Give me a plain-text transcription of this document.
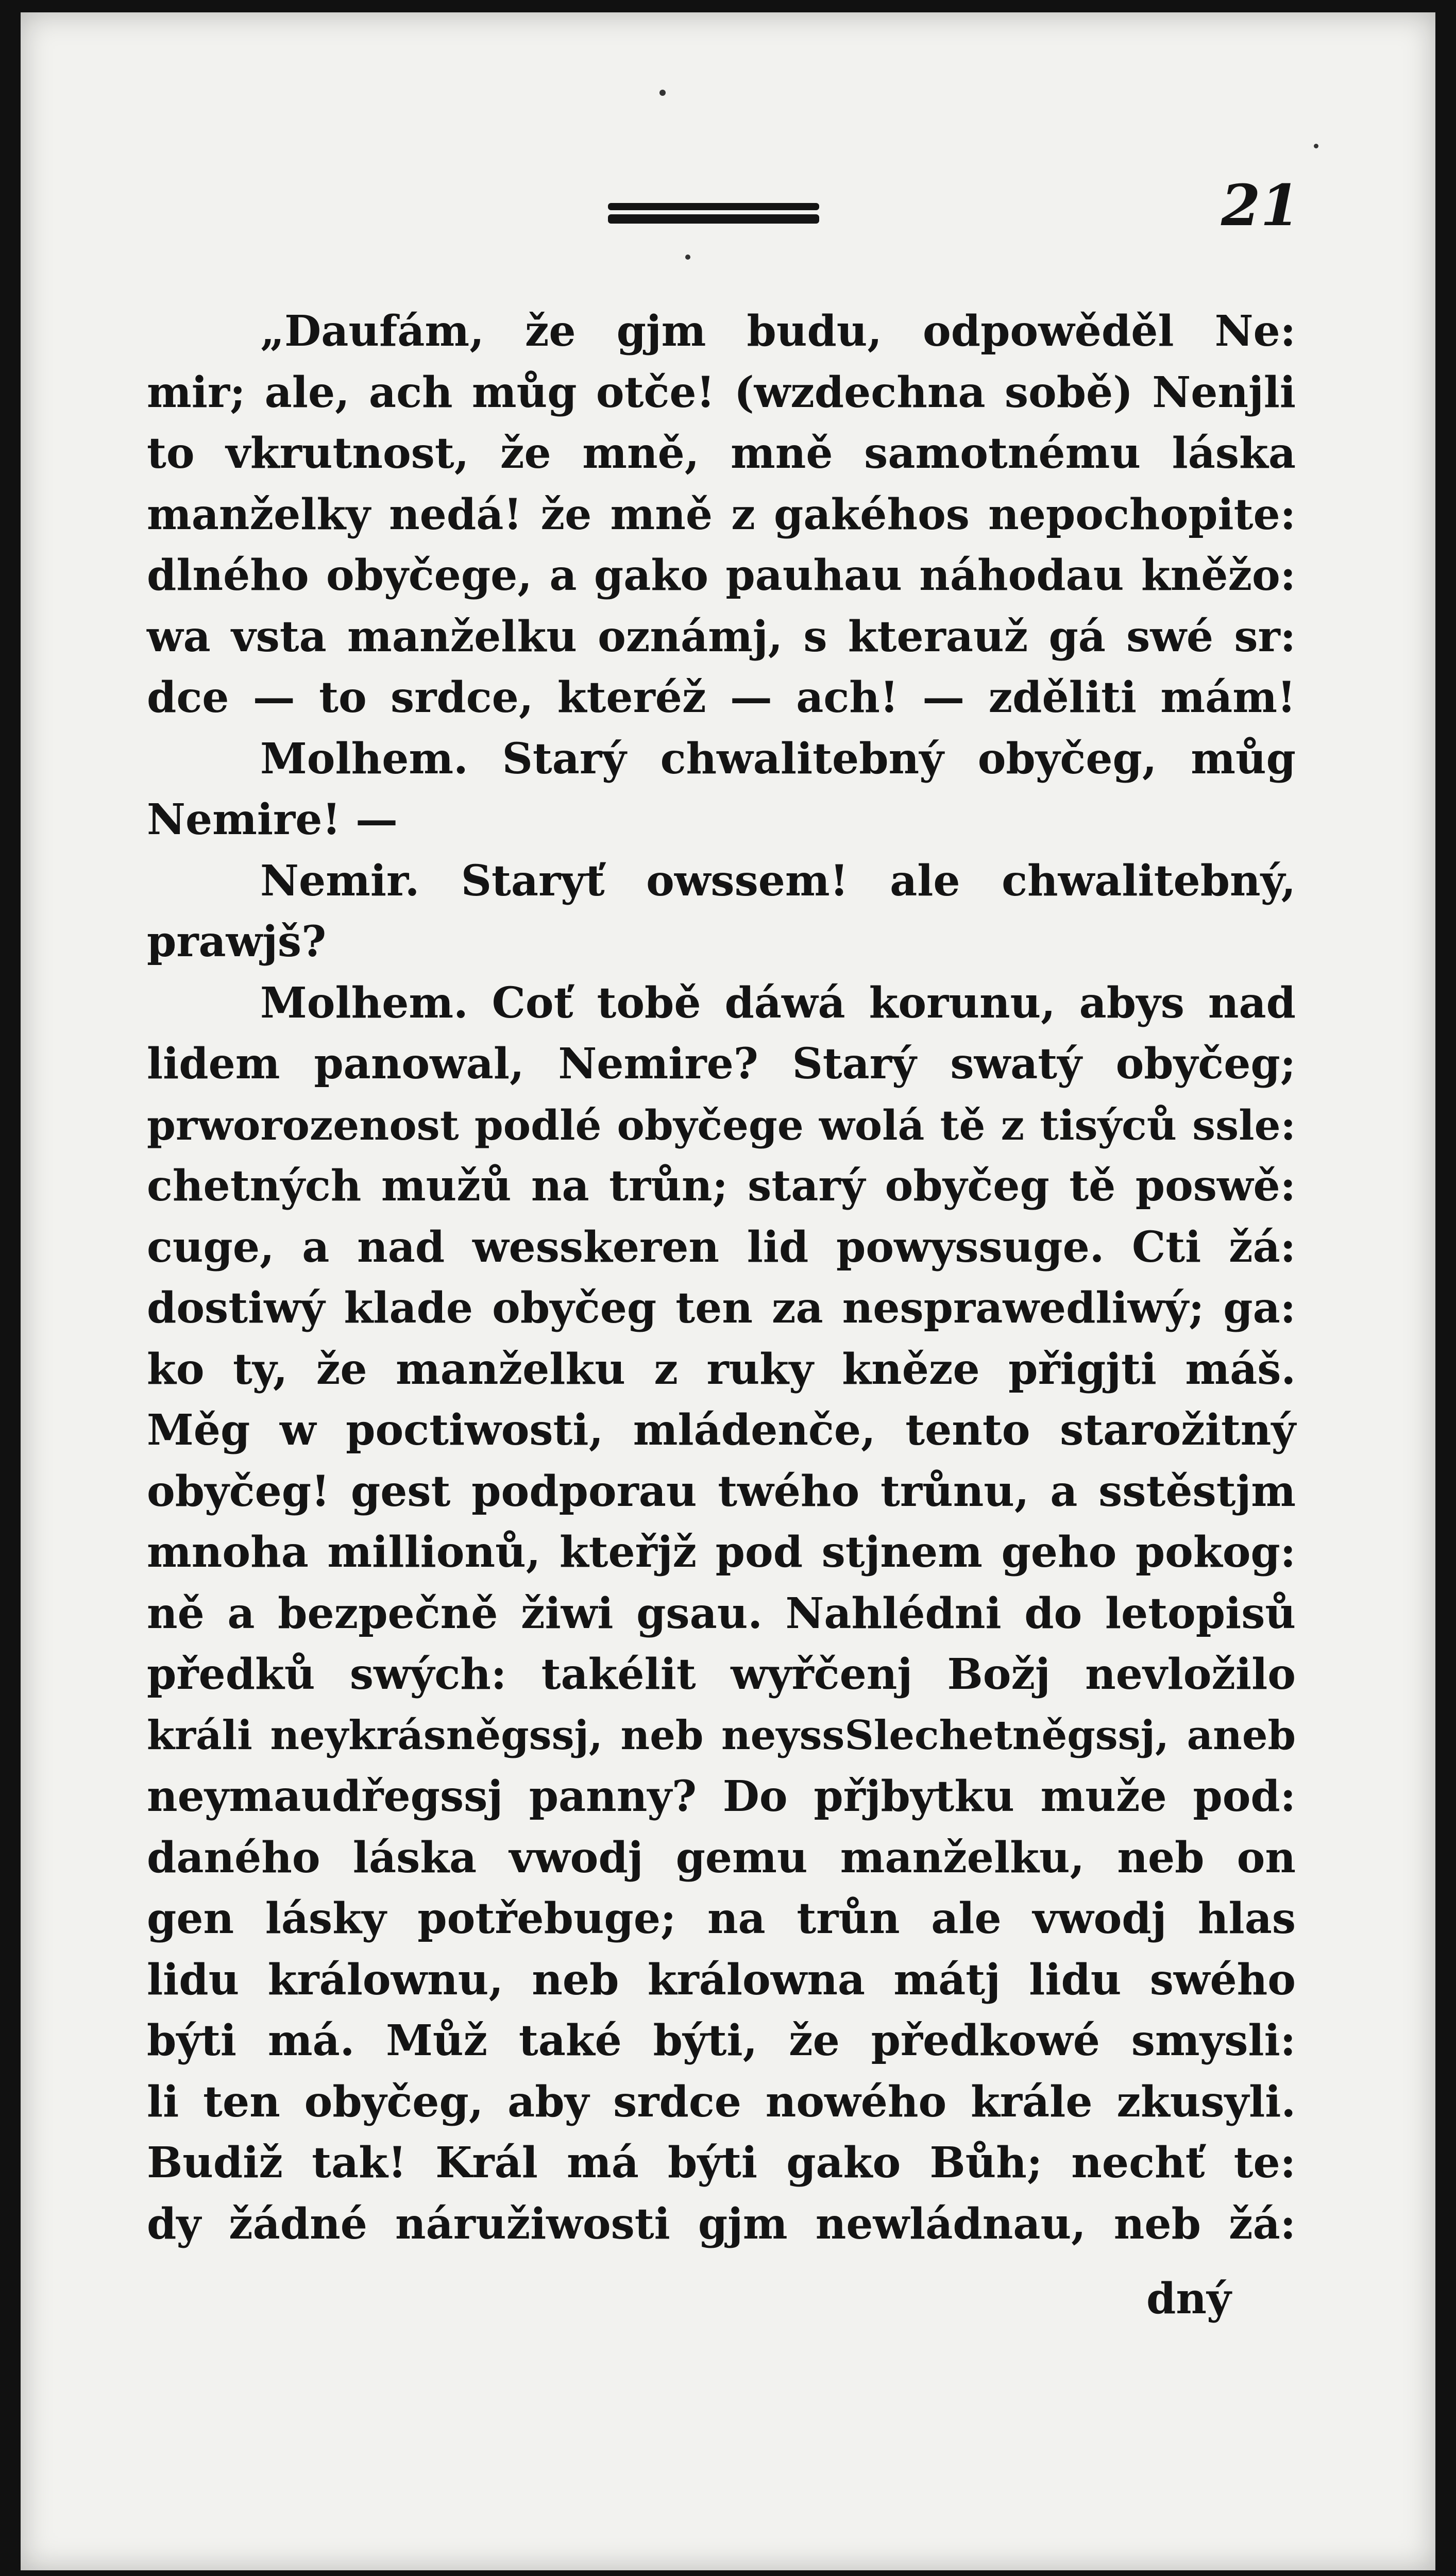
21
„Daufám, že gjm budu, odpowěděl Ne:
mir; ale, ach můg otče! (wzdechna sobě) Nenjli
to vkrutnost, že mně, mně samotnému láska
manželky nedá! že mně z gakéhos nepochopite:
dlného obyčege, a gako pauhau náhodau kněžo:
wa vsta manželku oznámj, s kterauž gá swé sr:
dce — to srdce, kteréž — ach! — zděliti mám!
Molhem. Starý chwalitebný obyčeg, můg
Nemire! —
Nemir. Staryť owssem! ale chwalitebný,
prawjš?
Molhem. Coť tobě dáwá korunu, abys nad
lidem panowal, Nemire? Starý swatý obyčeg;
prworozenost podlé obyčege wolá tě z tisýců ssle:
chetných mužů na trůn; starý obyčeg tě poswě:
cuge, a nad wesskeren lid powyssuge. Cti žá:
dostiwý klade obyčeg ten za nesprawedliwý; ga:
ko ty, že manželku z ruky kněze přigjti máš.
Měg w poctiwosti, mládenče, tento starožitný
obyčeg! gest podporau twého trůnu, a sstěstjm
mnoha millionů, kteřjž pod stjnem geho pokog:
ně a bezpečně žiwi gsau. Nahlédni do letopisů
předků swých: takélit wyřčenj Božj nevložilo
králi neykrásněgssj, neb neyssSlechetněgssj, aneb
neymaudřegssj panny? Do přjbytku muže pod:
daného láska vwodj gemu manželku, neb on
gen lásky potřebuge; na trůn ale vwodj hlas
lidu králownu, neb králowna mátj lidu swého
býti má. Můž také býti, že předkowé smysli:
li ten obyčeg, aby srdce nowého krále zkusyli.
Budiž tak! Král má býti gako Bůh; nechť te:
dy žádné náružiwosti gjm newládnau, neb žá:
dný
